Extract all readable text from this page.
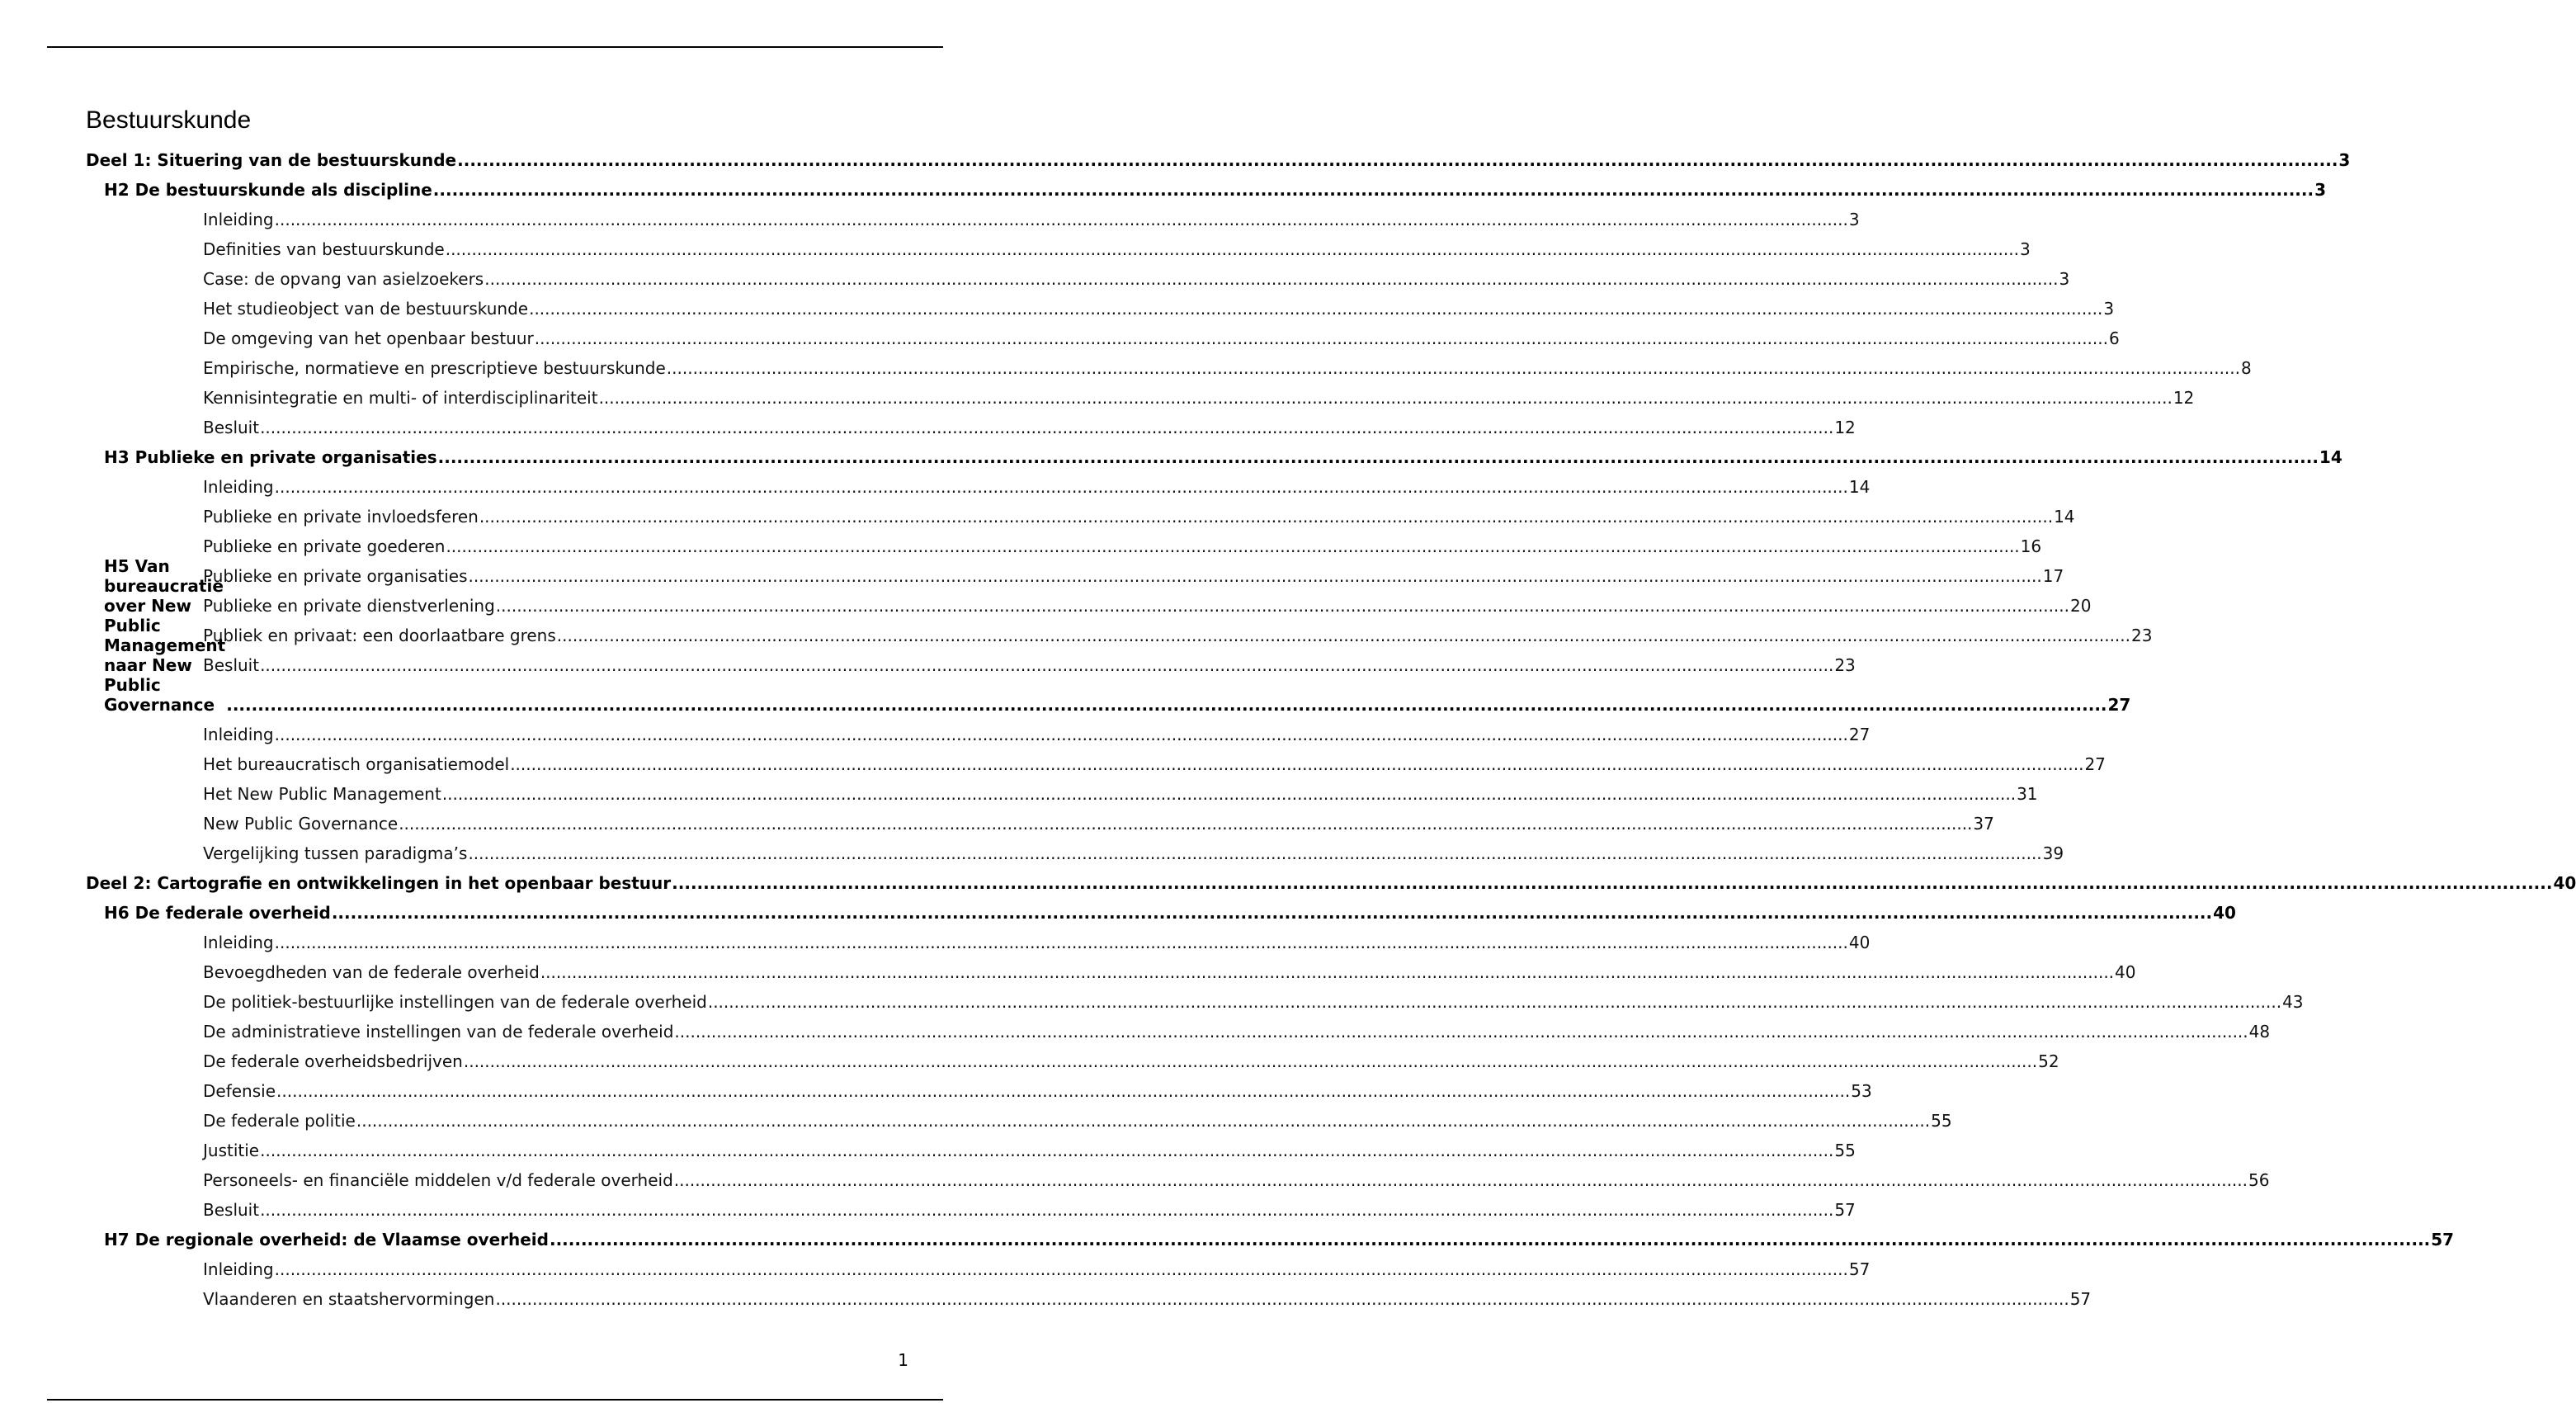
Bestuurskunde
Deel 1: Situering van de bestuurskunde ............................................................................................................................................................................................................................................................................................................ 3
H2 De bestuurskunde als discipline ............................................................................................................................................................................................................................................................................................................ 3
Inleiding ............................................................................................................................................................................................................................................................................................................ 3
Definities van bestuurskunde ............................................................................................................................................................................................................................................................................................................ 3
Case: de opvang van asielzoekers ............................................................................................................................................................................................................................................................................................................ 3
Het studieobject van de bestuurskunde ............................................................................................................................................................................................................................................................................................................ 3
De omgeving van het openbaar bestuur ............................................................................................................................................................................................................................................................................................................ 6
Empirische, normatieve en prescriptieve bestuurskunde ............................................................................................................................................................................................................................................................................................................ 8
Kennisintegratie en multi- of interdisciplinariteit ............................................................................................................................................................................................................................................................................................................ 12
Besluit ............................................................................................................................................................................................................................................................................................................ 12
H3 Publieke en private organisaties ............................................................................................................................................................................................................................................................................................................ 14
Inleiding ............................................................................................................................................................................................................................................................................................................ 14
Publieke en private invloedsferen ............................................................................................................................................................................................................................................................................................................ 14
Publieke en private goederen ............................................................................................................................................................................................................................................................................................................ 16
Publieke en private organisaties ............................................................................................................................................................................................................................................................................................................ 17
Publieke en private dienstverlening ............................................................................................................................................................................................................................................................................................................ 20
Publiek en privaat: een doorlaatbare grens ............................................................................................................................................................................................................................................................................................................ 23
Besluit ............................................................................................................................................................................................................................................................................................................ 23
H5 Van bureaucratie over New Public Management naar New Public
Governance ............................................................................................................................................................................................................................................................................................................ 27
Inleiding ............................................................................................................................................................................................................................................................................................................ 27
Het bureaucratisch organisatiemodel ............................................................................................................................................................................................................................................................................................................ 27
Het New Public Management ............................................................................................................................................................................................................................................................................................................ 31
New Public Governance ............................................................................................................................................................................................................................................................................................................ 37
Vergelijking tussen paradigma’s ............................................................................................................................................................................................................................................................................................................ 39
Deel 2: Cartografie en ontwikkelingen in het openbaar bestuur ............................................................................................................................................................................................................................................................................................................ 40
H6 De federale overheid ............................................................................................................................................................................................................................................................................................................ 40
Inleiding ............................................................................................................................................................................................................................................................................................................ 40
Bevoegdheden van de federale overheid ............................................................................................................................................................................................................................................................................................................ 40
De politiek-bestuurlijke instellingen van de federale overheid ............................................................................................................................................................................................................................................................................................................ 43
De administratieve instellingen van de federale overheid ............................................................................................................................................................................................................................................................................................................ 48
De federale overheidsbedrijven ............................................................................................................................................................................................................................................................................................................ 52
Defensie ............................................................................................................................................................................................................................................................................................................ 53
De federale politie ............................................................................................................................................................................................................................................................................................................ 55
Justitie ............................................................................................................................................................................................................................................................................................................ 55
Personeels- en financiële middelen v/d federale overheid ............................................................................................................................................................................................................................................................................................................ 56
Besluit ............................................................................................................................................................................................................................................................................................................ 57
H7 De regionale overheid: de Vlaamse overheid ............................................................................................................................................................................................................................................................................................................ 57
Inleiding ............................................................................................................................................................................................................................................................................................................ 57
Vlaanderen en staatshervormingen ............................................................................................................................................................................................................................................................................................................ 57
1
